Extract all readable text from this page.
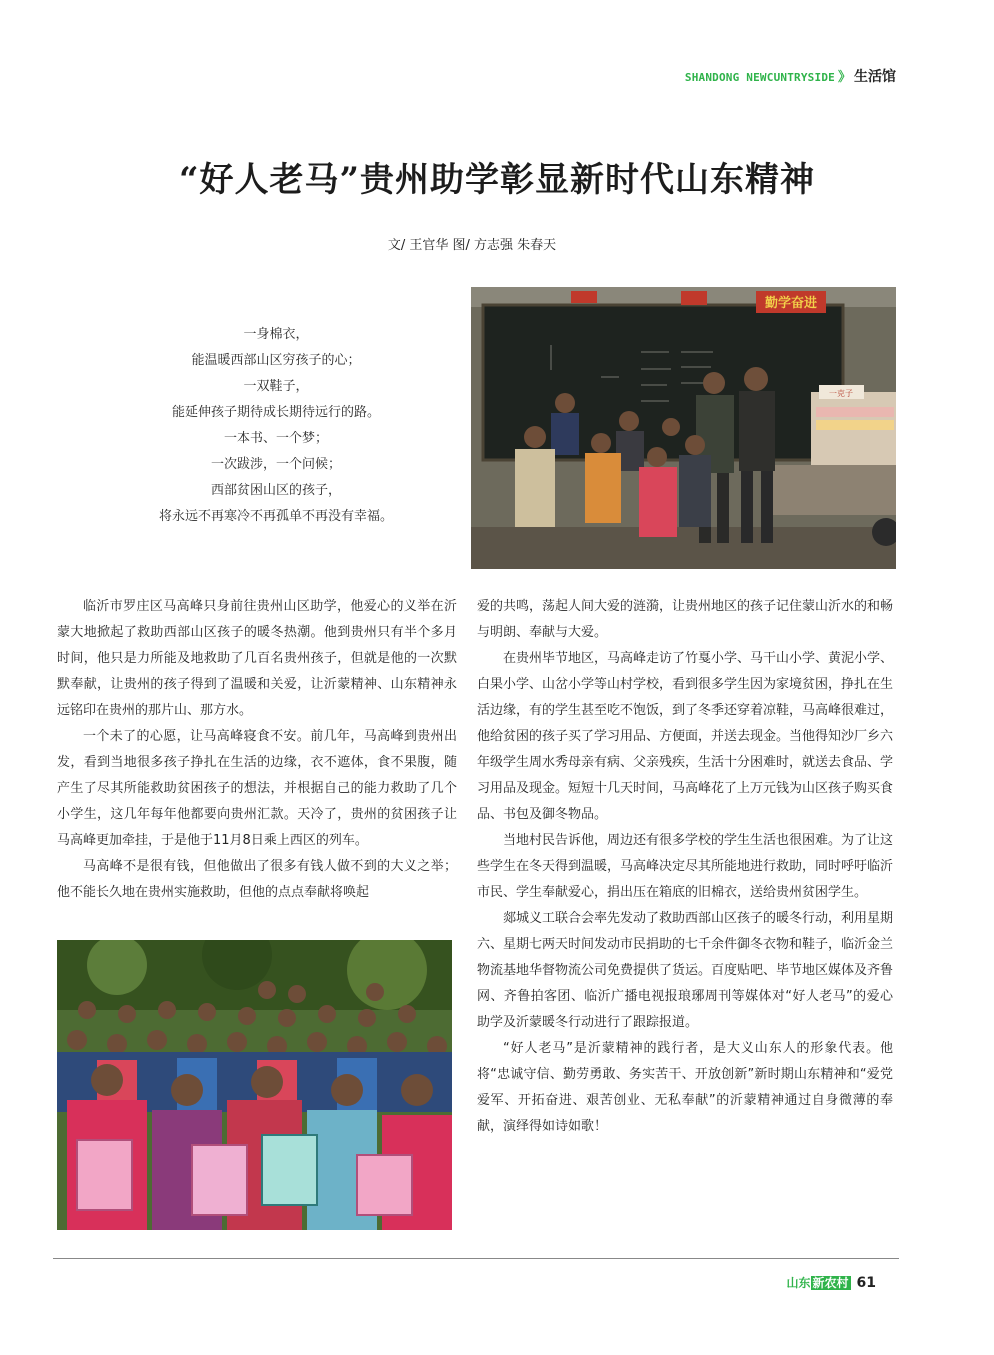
SHANDONG NEWCUNTRYSIDE 》 生活馆
“好人老马”贵州助学彰显新时代山东精神
文/ 王官华 图/ 方志强 朱春天
一身棉衣，
能温暖西部山区穷孩子的心；
一双鞋子，
能延伸孩子期待成长期待远行的路。
一本书、一个梦；
一次跋涉，一个问候；
西部贫困山区的孩子，
将永远不再寒冷不再孤单不再没有幸福。
勤学奋进
一克子

临沂市罗庄区马高峰只身前往贵州山区助学，他爱心的义举在沂蒙大地掀起了救助西部山区孩子的暖冬热潮。他到贵州只有半个多月时间，他只是力所能及地救助了几百名贵州孩子，但就是他的一次默默奉献，让贵州的孩子得到了温暖和关爱，让沂蒙精神、山东精神永远铭印在贵州的那片山、那方水。

一个未了的心愿，让马高峰寝食不安。前几年，马高峰到贵州出发，看到当地很多孩子挣扎在生活的边缘，衣不遮体，食不果腹，随产生了尽其所能救助贫困孩子的想法，并根据自己的能力救助了几个小学生，这几年每年他都要向贵州汇款。天冷了，贵州的贫困孩子让马高峰更加牵挂，于是他于11月8日乘上西区的列车。

马高峰不是很有钱，但他做出了很多有钱人做不到的大义之举；他不能长久地在贵州实施救助，但他的点点奉献将唤起

爱的共鸣，荡起人间大爱的涟漪，让贵州地区的孩子记住蒙山沂水的和畅与明朗、奉献与大爱。

在贵州毕节地区，马高峰走访了竹戛小学、马干山小学、黄泥小学、白果小学、山岔小学等山村学校，看到很多学生因为家境贫困，挣扎在生活边缘，有的学生甚至吃不饱饭，到了冬季还穿着凉鞋，马高峰很难过，他给贫困的孩子买了学习用品、方便面，并送去现金。当他得知沙厂乡六年级学生周水秀母亲有病、父亲残疾，生活十分困难时，就送去食品、学习用品及现金。短短十几天时间，马高峰花了上万元钱为山区孩子购买食品、书包及御冬物品。

当地村民告诉他，周边还有很多学校的学生生活也很困难。为了让这些学生在冬天得到温暖，马高峰决定尽其所能地进行救助，同时呼吁临沂市民、学生奉献爱心，捐出压在箱底的旧棉衣，送给贵州贫困学生。

郯城义工联合会率先发动了救助西部山区孩子的暖冬行动，利用星期六、星期七两天时间发动市民捐助的七千余件御冬衣物和鞋子，临沂金兰物流基地华督物流公司免费提供了货运。百度贴吧、毕节地区媒体及齐鲁网、齐鲁拍客团、临沂广播电视报琅琊周刊等媒体对“好人老马”的爱心助学及沂蒙暖冬行动进行了跟踪报道。

“好人老马”是沂蒙精神的践行者，是大义山东人的形象代表。他将“忠诚守信、勤劳勇敢、务实苦干、开放创新”新时期山东精神和“爱党爱军、开拓奋进、艰苦创业、无私奉献”的沂蒙精神通过自身微薄的奉献，演绎得如诗如歌！

山东 新农村 61
